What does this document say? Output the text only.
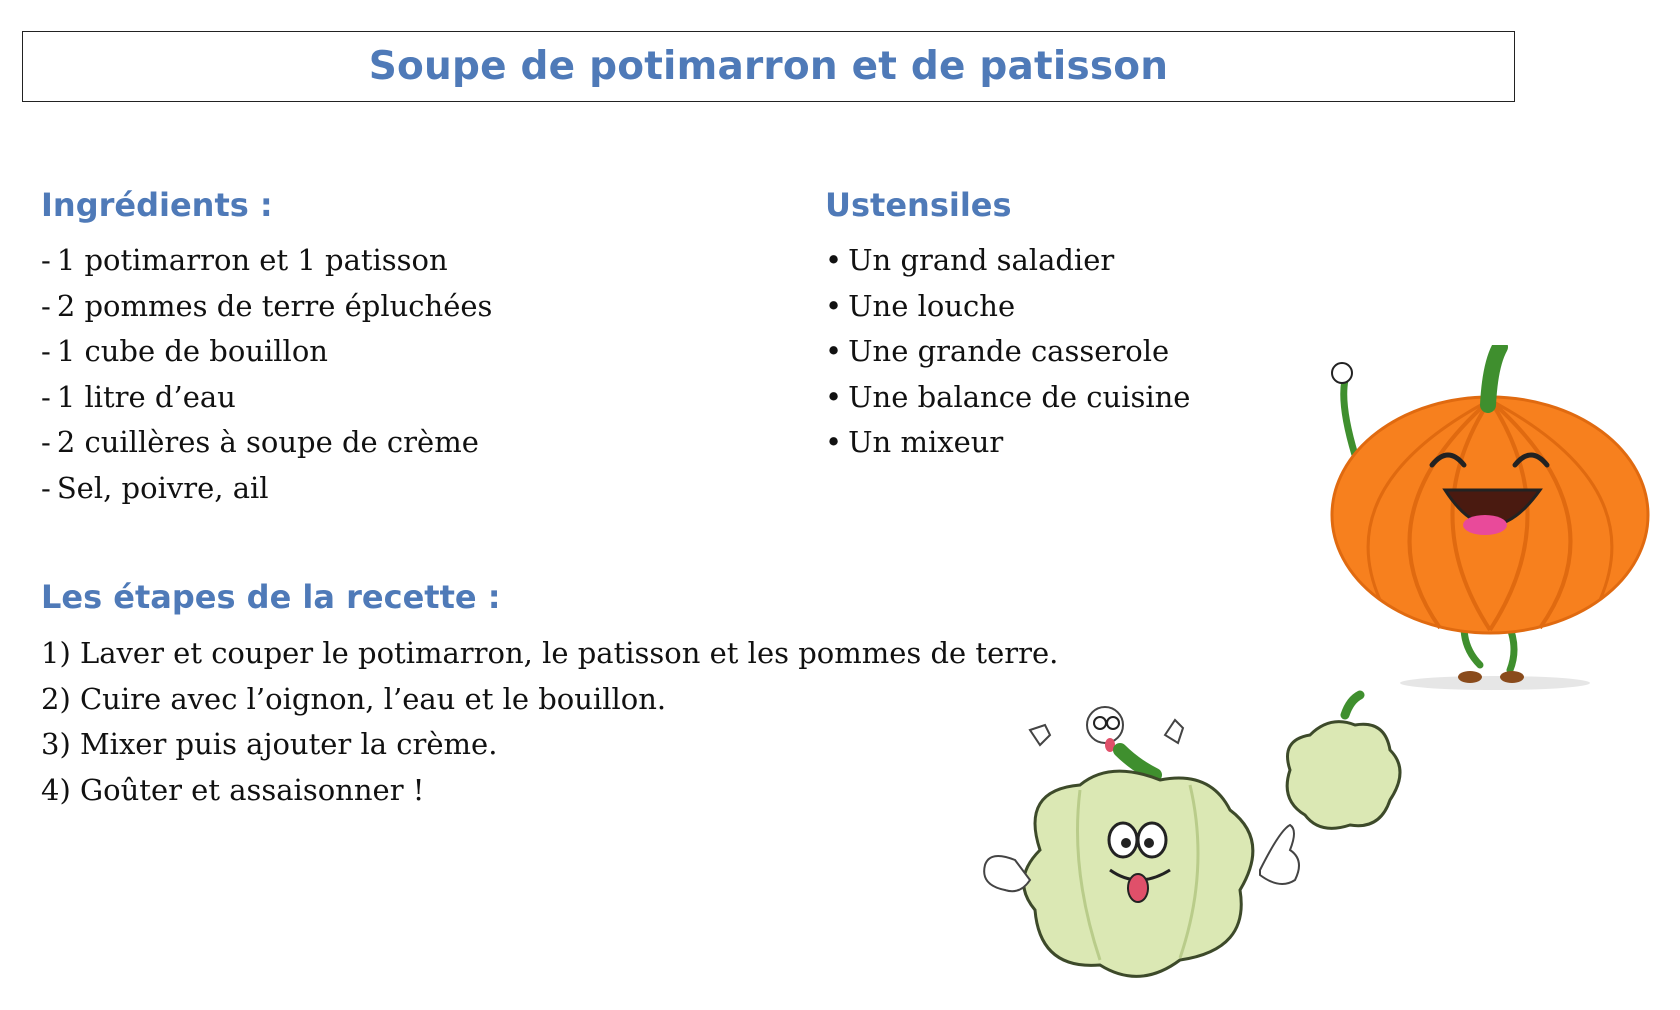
Soupe de potimarron et de patisson
Ingrédients :
- 1 potimarron et 1 patisson
- 2 pommes de terre épluchées
- 1 cube de bouillon
- 1 litre d’eau
- 2 cuillères à soupe de crème
- Sel, poivre, ail
Ustensiles
• Un grand saladier
• Une louche
• Une grande casserole
• Une balance de cuisine
• Un mixeur
Les étapes de la recette :
1) Laver et couper le potimarron, le patisson et les pommes de terre.
2) Cuire avec l’oignon, l’eau et le bouillon.
3) Mixer puis ajouter la crème.
4) Goûter et assaisonner !
